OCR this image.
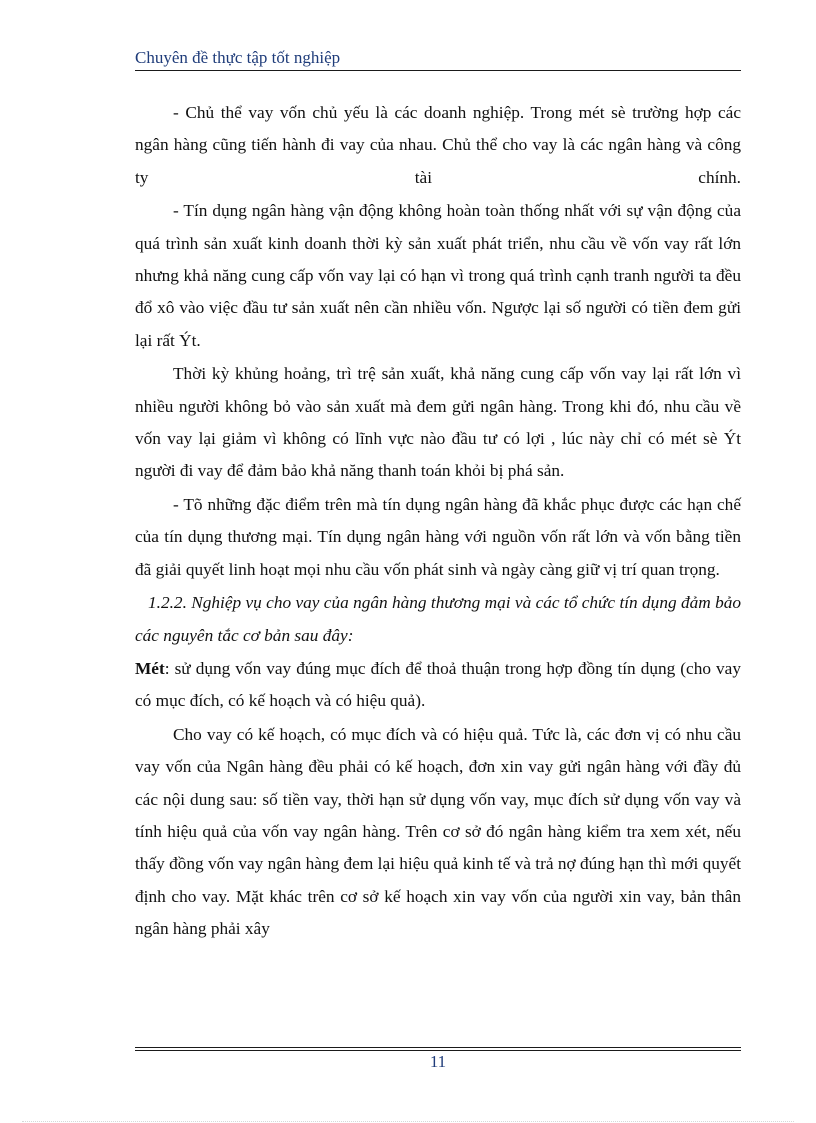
Chuyên đề thực tập tốt nghiệp

- Chủ thể vay vốn chủ yếu là các doanh nghiệp. Trong mét sè trường hợp các ngân hàng cũng tiến hành đi vay của nhau. Chủ thể cho vay là các ngân hàng và công ty tài chính.

- Tín dụng ngân hàng vận động không hoàn toàn thống nhất với sự vận động của quá trình sản xuất kinh doanh thời kỳ sản xuất phát triển, nhu cầu về vốn vay rất lớn nhưng khả năng cung cấp vốn vay lại có hạn vì trong quá trình cạnh tranh người ta đều đổ xô vào việc đầu tư sản xuất nên cần nhiều vốn. Ngược lại số người có tiền đem gửi lại rất Ýt.

Thời kỳ khủng hoảng, trì trệ sản xuất, khả năng cung cấp vốn vay lại rất lớn vì nhiều người không bỏ vào sản xuất mà đem gửi ngân hàng. Trong khi đó, nhu cầu về vốn vay lại giảm vì không có lĩnh vực nào đầu tư có lợi , lúc này chỉ có mét sè Ýt người đi vay để đảm bảo khả năng thanh toán khỏi bị phá sản.

- Tõ những đặc điểm trên mà tín dụng ngân hàng đã khắc phục được các hạn chế của tín dụng thương mại. Tín dụng ngân hàng với nguồn vốn rất lớn và vốn bằng tiền đã giải quyết linh hoạt mọi nhu cầu vốn phát sinh và ngày càng giữ vị trí quan trọng.

1.2.2. Nghiệp vụ cho vay của ngân hàng thương mại và các tổ chức tín dụng đảm bảo các nguyên tắc cơ bản sau đây:

Mét: sử dụng vốn vay đúng mục đích để thoả thuận trong hợp đồng tín dụng (cho vay có mục đích, có kế hoạch và có hiệu quả).

Cho vay có kế hoạch, có mục đích và có hiệu quả. Tức là, các đơn vị có nhu cầu vay vốn của Ngân hàng đều phải có kế hoạch, đơn xin vay gửi ngân hàng với đầy đủ các nội dung sau: số tiền vay, thời hạn sử dụng vốn vay, mục đích sử dụng vốn vay và tính hiệu quả của vốn vay ngân hàng. Trên cơ sở đó ngân hàng kiểm tra xem xét, nếu thấy đồng vốn vay ngân hàng đem lại hiệu quả kinh tế và trả nợ đúng hạn thì mới quyết định cho vay. Mặt khác trên cơ sở kế hoạch xin vay vốn của người xin vay, bản thân ngân hàng phải xây

11
